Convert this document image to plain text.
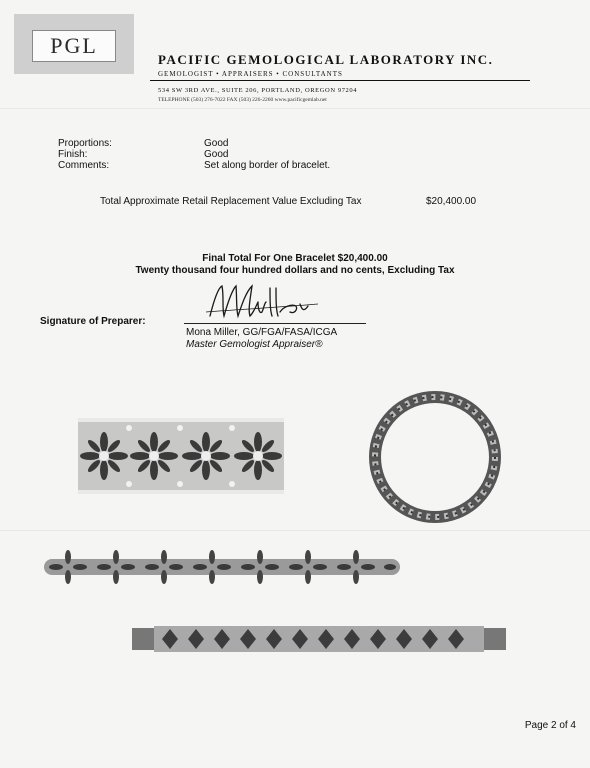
PGL
PACIFIC GEMOLOGICAL LABORATORY INC.
GEMOLOGIST • APPRAISERS • CONSULTANTS
534 SW 3RD AVE., SUITE 206, PORTLAND, OREGON 97204
TELEPHONE (503) 276-7022 FAX (503) 226-2260 www.pacificgemlab.net
Proportions:	Good
Finish:	Good
Comments:	Set along border of bracelet.
Total Approximate Retail Replacement Value Excluding Tax	$20,400.00
Final Total For One Bracelet $20,400.00
Twenty thousand four hundred dollars and no cents, Excluding Tax
Signature of Preparer:
Mona Miller, GG/FGA/FASA/ICGA
Master Gemologist Appraiser®
Page 2 of 4
